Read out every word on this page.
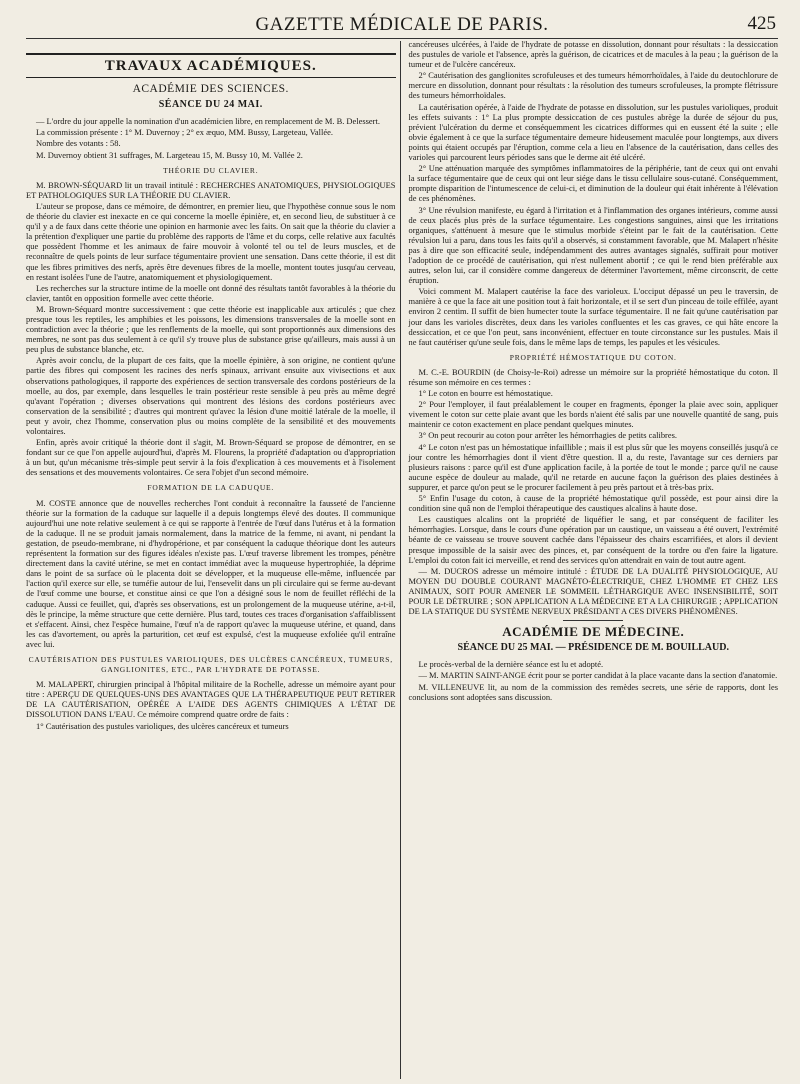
GAZETTE MÉDICALE DE PARIS.	425
TRAVAUX ACADÉMIQUES.
ACADÉMIE DES SCIENCES.
SÉANCE DU 24 MAI.

— L'ordre du jour appelle la nomination d'un académicien libre, en remplacement de M. B. Delessert.

La commission présente : 1° M. Duvernoy ; 2° ex æquo, MM. Bussy, Largeteau, Vallée.

Nombre des votants : 58.

M. Duvernoy obtient 31 suffrages, M. Largeteau 15, M. Bussy 10, M. Vallée 2.

THÉORIE DU CLAVIER.

M. BROWN-SÉQUARD lit un travail intitulé : RECHERCHES ANATOMIQUES, PHYSIOLOGIQUES ET PATHOLOGIQUES SUR LA THÉORIE DU CLAVIER.

L'auteur se propose, dans ce mémoire, de démontrer, en premier lieu, que l'hypothèse connue sous le nom de théorie du clavier est inexacte en ce qui concerne la moelle épinière, et, en second lieu, de substituer à ce qu'il y a de faux dans cette théorie une opinion en harmonie avec les faits. On sait que la théorie du clavier a la prétention d'expliquer une partie du problème des rapports de l'âme et du corps, celle relative aux facultés que possèdent l'homme et les animaux de faire mouvoir à volonté tel ou tel de leurs muscles, et de reconnaître de quels points de leur surface tégumentaire provient une sensation. Dans cette théorie, il est dit que les fibres primitives des nerfs, après être devenues fibres de la moelle, montent toutes jusqu'au cerveau, en restant isolées l'une de l'autre, anatomiquement et physiologiquement.

Les recherches sur la structure intime de la moelle ont donné des résultats tantôt favorables à la théorie du clavier, tantôt en opposition formelle avec cette théorie.

M. Brown-Séquard montre successivement : que cette théorie est inapplicable aux articulés ; que chez presque tous les reptiles, les amphibies et les poissons, les dimensions transversales de la moelle sont en contradiction avec la théorie ; que les renflements de la moelle, qui sont proportionnés aux dimensions des membres, ne sont pas dus seulement à ce qu'il s'y trouve plus de substance grise qu'ailleurs, mais aussi à un peu plus de substance blanche, etc.

Après avoir conclu, de la plupart de ces faits, que la moelle épinière, à son origine, ne contient qu'une partie des fibres qui composent les racines des nerfs spinaux, arrivant ensuite aux vivisections et aux observations pathologiques, il rapporte des expériences de section transversale des cordons postérieurs de la moelle, au dos, par exemple, dans lesquelles le train postérieur reste sensible à peu près au même degré qu'avant l'opération ; diverses observations qui montrent des lésions des cordons postérieurs avec conservation de la sensibilité ; d'autres qui montrent qu'avec la lésion d'une moitié latérale de la moelle, il peut y avoir, chez l'homme, conservation plus ou moins complète de la sensibilité et des mouvements volontaires.

Enfin, après avoir critiqué la théorie dont il s'agit, M. Brown-Séquard se propose de démontrer, en se fondant sur ce que l'on appelle aujourd'hui, d'après M. Flourens, la propriété d'adaptation ou d'appropriation à un but, qu'un mécanisme très-simple peut servir à la fois d'explication à ces mouvements et à l'isolement des sensations et des mouvements volontaires. Ce sera l'objet d'un second mémoire.

FORMATION DE LA CADUQUE.

M. COSTE annonce que de nouvelles recherches l'ont conduit à reconnaître la fausseté de l'ancienne théorie sur la formation de la caduque sur laquelle il a depuis longtemps élevé des doutes. Il communique aujourd'hui une note relative seulement à ce qui se rapporte à l'entrée de l'œuf dans l'utérus et à la formation de la caduque. Il ne se produit jamais normalement, dans la matrice de la femme, ni avant, ni pendant la gestation, de pseudo-membrane, ni d'hydropérione, et par conséquent la caduque théorique dont les auteurs représentent la formation sur des figures idéales n'existe pas. L'œuf traverse librement les trompes, pénètre directement dans la cavité utérine, se met en contact immédiat avec la muqueuse hypertrophiée, la déprime dans le point de sa surface où le placenta doit se développer, et la muqueuse elle-même, influencée par l'action qu'il exerce sur elle, se tuméfie autour de lui, l'ensevelit dans un pli circulaire qui se ferme au-devant de l'œuf comme une bourse, et constitue ainsi ce que l'on a désigné sous le nom de feuillet réfléchi de la caduque. Aussi ce feuillet, qui, d'après ses observations, est un prolongement de la muqueuse utérine, a-t-il, dès le principe, la même structure que cette dernière. Plus tard, toutes ces traces d'organisation s'affaiblissent et s'effacent. Ainsi, chez l'espèce humaine, l'œuf n'a de rapport qu'avec la muqueuse utérine, et quand, dans les cas d'avortement, ou après la parturition, cet œuf est expulsé, c'est la muqueuse exfoliée qu'il entraîne avec lui.

CAUTÉRISATION DES PUSTULES VARIOLIQUES, DES ULCÈRES CANCÉREUX, TUMEURS, GANGLIONITES, ETC., PAR L'HYDRATE DE POTASSE.

M. MALAPERT, chirurgien principal à l'hôpital militaire de la Rochelle, adresse un mémoire ayant pour titre : APERÇU DE QUELQUES-UNS DES AVANTAGES QUE LA THÉRAPEUTIQUE PEUT RETIRER DE LA CAUTÉRISATION, OPÉRÉE A L'AIDE DES AGENTS CHIMIQUES A L'ÉTAT DE DISSOLUTION DANS L'EAU. Ce mémoire comprend quatre ordre de faits :

1° Cautérisation des pustules varioliques, des ulcères cancéreux et tumeurs

cancéreuses ulcérées, à l'aide de l'hydrate de potasse en dissolution, donnant pour résultats : la dessiccation des pustules de variole et l'absence, après la guérison, de cicatrices et de macules à la peau ; la guérison de la tumeur et de l'ulcère cancéreux.

2° Cautérisation des ganglionites scrofuleuses et des tumeurs hémorrhoïdales, à l'aide du deutochlorure de mercure en dissolution, donnant pour résultats : la résolution des tumeurs scrofuleuses, la prompte flétrissure des tumeurs hémorrhoïdales.

La cautérisation opérée, à l'aide de l'hydrate de potasse en dissolution, sur les pustules varioliques, produit les effets suivants : 1° La plus prompte dessiccation de ces pustules abrège la durée de séjour du pus, prévient l'ulcération du derme et conséquemment les cicatrices difformes qui en eussent été la suite ; elle obvie également à ce que la surface tégumentaire demeure hideusement maculée pour longtemps, aux divers points qui étaient occupés par l'éruption, comme cela a lieu en l'absence de la cautérisation, dans celles des varioles qui parcourent leurs périodes sans que le derme ait été ulcéré.

2° Une atténuation marquée des symptômes inflammatoires de la périphérie, tant de ceux qui ont envahi la surface tégumentaire que de ceux qui ont leur siége dans le tissu cellulaire sous-cutané. Conséquemment, prompte disparition de l'intumescence de celui-ci, et diminution de la douleur qui était inhérente à l'élévation de ces phénomènes.

3° Une révulsion manifeste, eu égard à l'irritation et à l'inflammation des organes intérieurs, comme aussi de ceux placés plus près de la surface tégumentaire. Les congestions sanguines, ainsi que les irritations organiques, s'atténuent à mesure que le stimulus morbide s'éteint par le fait de la cautérisation. Cette révulsion lui a paru, dans tous les faits qu'il a observés, si constamment favorable, que M. Malapert n'hésite pas à dire que son efficacité seule, indépendamment des autres avantages signalés, suffirait pour motiver l'adoption de ce procédé de cautérisation, qui n'est nullement abortif ; ce qui le rend bien préférable aux autres, selon lui, car il considère comme dangereux de déterminer l'avortement, même circonscrit, de cette éruption.

Voici comment M. Malapert cautérise la face des varioleux. L'occiput dépassé un peu le traversin, de manière à ce que la face ait une position tout à fait horizontale, et il se sert d'un pinceau de toile effilée, ayant environ 2 centim. Il suffit de bien humecter toute la surface tégumentaire. Il ne fait qu'une cautérisation par jour dans les varioles discrètes, deux dans les varioles confluentes et les cas graves, ce qui hâte encore la dessiccation, et ce que l'on peut, sans inconvénient, effectuer en toute circonstance sur les pustules. Mais il ne faut cautériser qu'une seule fois, dans le même laps de temps, les papules et les vésicules.

PROPRIÉTÉ HÉMOSTATIQUE DU COTON.

M. C.-E. BOURDIN (de Choisy-le-Roi) adresse un mémoire sur la propriété hémostatique du coton. Il résume son mémoire en ces termes :

1° Le coton en bourre est hémostatique.

2° Pour l'employer, il faut préalablement le couper en fragments, éponger la plaie avec soin, appliquer vivement le coton sur cette plaie avant que les bords n'aient été salis par une nouvelle quantité de sang, puis maintenir ce coton exactement en place pendant quelques minutes.

3° On peut recourir au coton pour arrêter les hémorrhagies de petits calibres.

4° Le coton n'est pas un hémostatique infaillible ; mais il est plus sûr que les moyens conseillés jusqu'à ce jour contre les hémorrhagies dont il vient d'être question. Il a, du reste, l'avantage sur ces derniers par plusieurs raisons : parce qu'il est d'une application facile, à la portée de tout le monde ; parce qu'il ne cause aucune espèce de douleur au malade, qu'il ne retarde en aucune façon la guérison des plaies destinées à suppurer, et parce qu'on peut se le procurer facilement à peu près partout et à très-bas prix.

5° Enfin l'usage du coton, à cause de la propriété hémostatique qu'il possède, est pour ainsi dire la condition sine quâ non de l'emploi thérapeutique des caustiques alcalins à haute dose.

Les caustiques alcalins ont la propriété de liquéfier le sang, et par conséquent de faciliter les hémorrhagies. Lorsque, dans le cours d'une opération par un caustique, un vaisseau a été ouvert, l'extrémité béante de ce vaisseau se trouve souvent cachée dans l'épaisseur des chairs escarrifiées, et alors il devient presque impossible de la saisir avec des pinces, et, par conséquent de la tordre ou d'en faire la ligature. L'emploi du coton fait ici merveille, et rend des services qu'on attendrait en vain de tout autre agent.

— M. DUCROS adresse un mémoire intitulé : ÉTUDE DE LA DUALITÉ PHYSIOLOGIQUE, AU MOYEN DU DOUBLE COURANT MAGNÉTO-ÉLECTRIQUE, CHEZ L'HOMME ET CHEZ LES ANIMAUX, SOIT POUR AMENER LE SOMMEIL LÉTHARGIQUE AVEC INSENSIBILITÉ, SOIT POUR LE DÉTRUIRE ; SON APPLICATION A LA MÉDECINE ET A LA CHIRURGIE ; APPLICATION DE LA STATIQUE DU SYSTÈME NERVEUX PRÉSIDANT A CES DIVERS PHÉNOMÈNES.

ACADÉMIE DE MÉDECINE.
SÉANCE DU 25 MAI. — PRÉSIDENCE DE M. BOUILLAUD.

Le procès-verbal de la dernière séance est lu et adopté.

— M. MARTIN SAINT-ANGE écrit pour se porter candidat à la place vacante dans la section d'anatomie.

M. VILLENEUVE lit, au nom de la commission des remèdes secrets, une série de rapports, dont les conclusions sont adoptées sans discussion.
